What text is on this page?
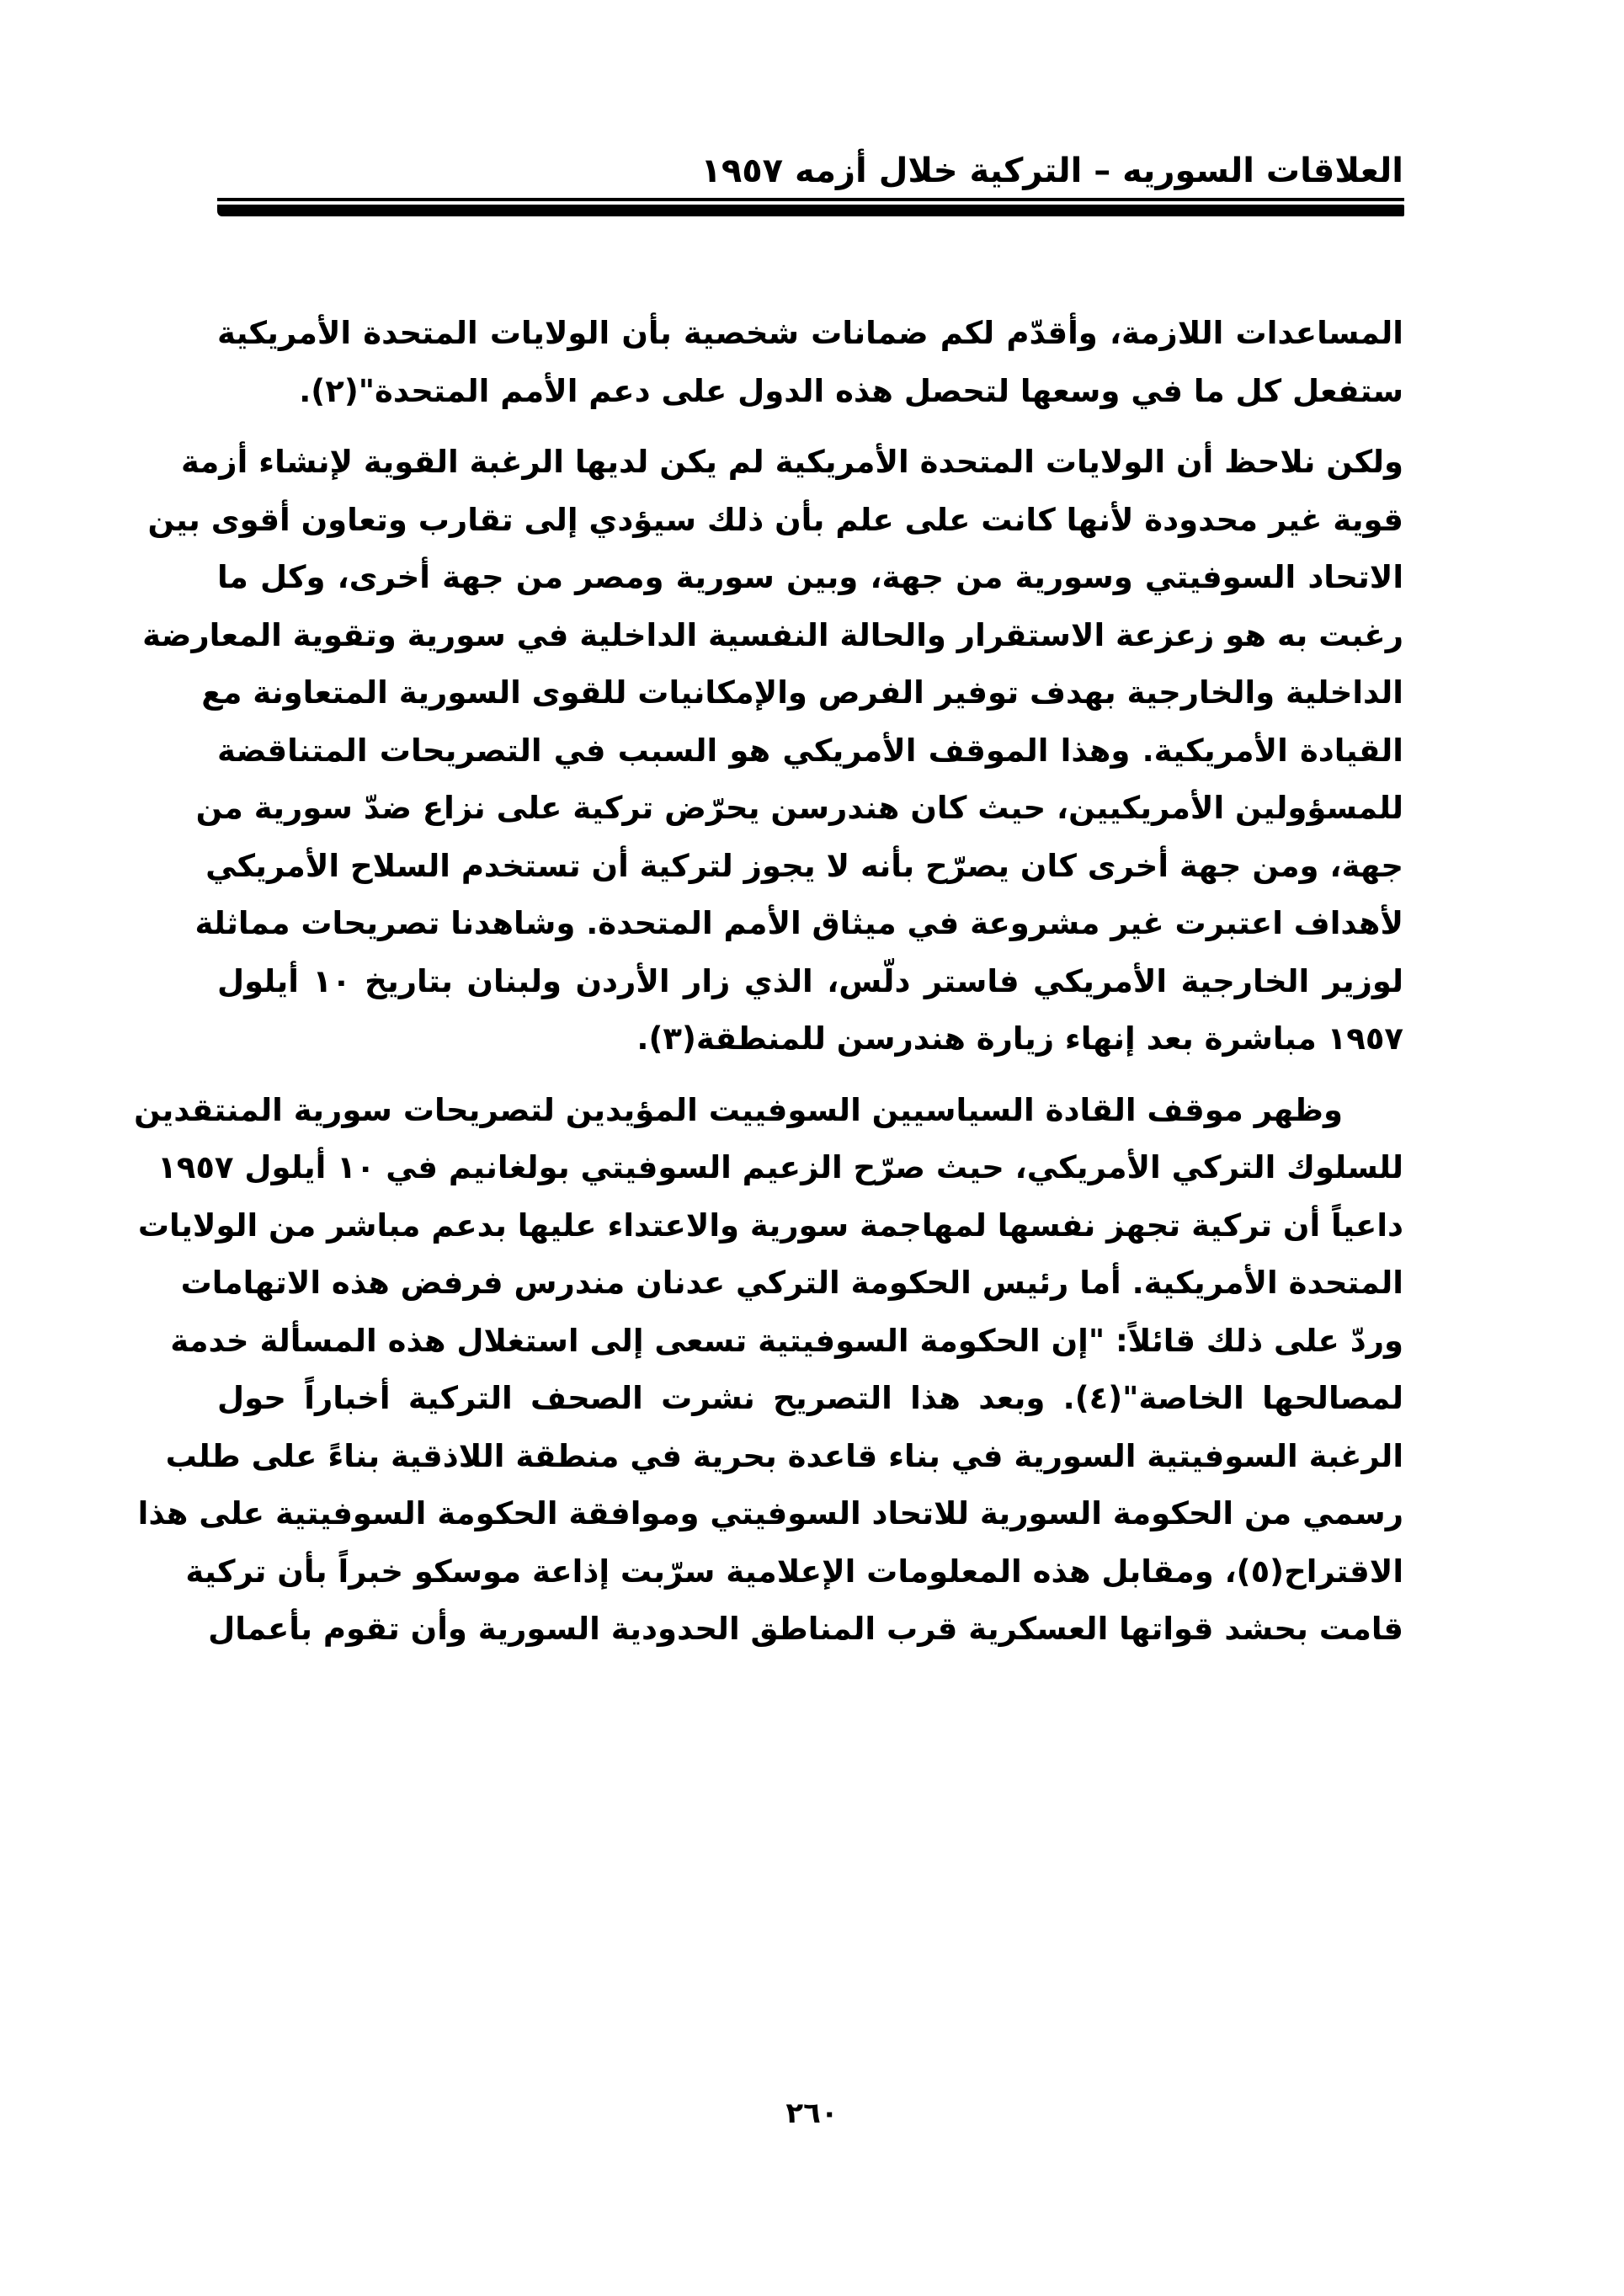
العلاقات السوريه – التركية خلال أزمه ١٩٥٧
المساعدات اللازمة، وأقدّم لكم ضمانات شخصية بأن الولايات المتحدة الأمريكية
ستفعل كل ما في وسعها لتحصل هذه الدول على دعم الأمم المتحدة"(٢).
ولكن نلاحظ أن الولايات المتحدة الأمريكية لم يكن لديها الرغبة القوية لإنشاء أزمة
قوية غير محدودة لأنها كانت على علم بأن ذلك سيؤدي إلى تقارب وتعاون أقوى بين
الاتحاد السوفيتي وسورية من جهة، وبين سورية ومصر من جهة أخرى، وكل ما
رغبت به هو زعزعة الاستقرار والحالة النفسية الداخلية في سورية وتقوية المعارضة
الداخلية والخارجية بهدف توفير الفرص والإمكانيات للقوى السورية المتعاونة مع
القيادة الأمريكية. وهذا الموقف الأمريكي هو السبب في التصريحات المتناقضة
للمسؤولين الأمريكيين، حيث كان هندرسن يحرّض تركية على نزاع ضدّ سورية من
جهة، ومن جهة أخرى كان يصرّح بأنه لا يجوز لتركية أن تستخدم السلاح الأمريكي
لأهداف اعتبرت غير مشروعة في ميثاق الأمم المتحدة. وشاهدنا تصريحات مماثلة
لوزير الخارجية الأمريكي فاستر دلّس، الذي زار الأردن ولبنان بتاريخ ١٠ أيلول
١٩٥٧ مباشرة بعد إنهاء زيارة هندرسن للمنطقة(٣).
وظهر موقف القادة السياسيين السوفييت المؤيدين لتصريحات سورية المنتقدين
للسلوك التركي الأمريكي، حيث صرّح الزعيم السوفيتي بولغانيم في ١٠ أيلول ١٩٥٧
داعياً أن تركية تجهز نفسها لمهاجمة سورية والاعتداء عليها بدعم مباشر من الولايات
المتحدة الأمريكية. أما رئيس الحكومة التركي عدنان مندرس فرفض هذه الاتهامات
وردّ على ذلك قائلاً: "إن الحكومة السوفيتية تسعى إلى استغلال هذه المسألة خدمة
لمصالحها الخاصة"(٤). وبعد هذا التصريح نشرت الصحف التركية أخباراً حول
الرغبة السوفيتية السورية في بناء قاعدة بحرية في منطقة اللاذقية بناءً على طلب
رسمي من الحكومة السورية للاتحاد السوفيتي وموافقة الحكومة السوفيتية على هذا
الاقتراح(٥)، ومقابل هذه المعلومات الإعلامية سرّبت إذاعة موسكو خبراً بأن تركية
قامت بحشد قواتها العسكرية قرب المناطق الحدودية السورية وأن تقوم بأعمال
٢٦٠
